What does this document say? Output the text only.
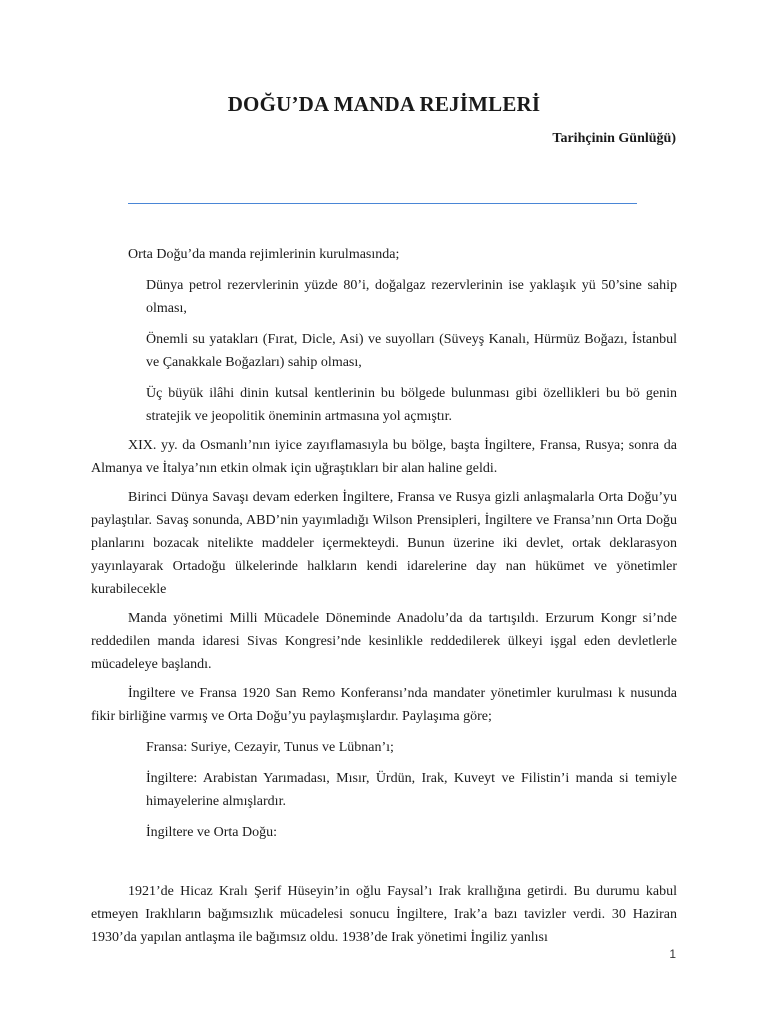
DOĞU’DA MANDA REJİMLERİ
Tarihçinin Günlüğü)

Orta Doğu’da manda rejimlerinin kurulmasında;

Dünya petrol rezervlerinin yüzde 80’i, doğalgaz rezervlerinin ise yaklaşık yü 50’sine sahip olması,

Önemli su yatakları (Fırat, Dicle, Asi) ve suyolları (Süveyş Kanalı, Hürmüz Boğazı, İstanbul ve Çanakkale Boğazları) sahip olması,

Üç büyük ilâhi dinin kutsal kentlerinin bu bölgede bulunması gibi özellikleri bu bö genin stratejik ve jeopolitik öneminin artmasına yol açmıştır.

XIX. yy. da Osmanlı’nın iyice zayıflamasıyla bu bölge, başta İngiltere, Fransa, Rusya; sonra da Almanya ve İtalya’nın etkin olmak için uğraştıkları bir alan haline geldi.

Birinci Dünya Savaşı devam ederken İngiltere, Fransa ve Rusya gizli anlaşmalarla Orta Doğu’yu paylaştılar. Savaş sonunda, ABD’nin yayımladığı Wilson Prensipleri, İngiltere ve Fransa’nın Orta Doğu planlarını bozacak nitelikte maddeler içermekteydi. Bunun üzerine iki devlet, ortak deklarasyon yayınlayarak Ortadoğu ülkelerinde halkların kendi idarelerine day nan hükümet ve yönetimler kurabilecekle

Manda yönetimi Milli Mücadele Döneminde Anadolu’da da tartışıldı. Erzurum Kongr si’nde reddedilen manda idaresi Sivas Kongresi’nde kesinlikle reddedilerek ülkeyi işgal eden devletlerle mücadeleye başlandı.

İngiltere ve Fransa 1920 San Remo Konferansı’nda mandater yönetimler kurulması k nusunda fikir birliğine varmış ve Orta Doğu’yu paylaşmışlardır. Paylaşıma göre;

Fransa: Suriye, Cezayir, Tunus ve Lübnan’ı;

İngiltere: Arabistan Yarımadası, Mısır, Ürdün, Irak, Kuveyt ve Filistin’i manda si temiyle himayelerine almışlardır.

İngiltere ve Orta Doğu:

1921’de Hicaz Kralı Şerif Hüseyin’in oğlu Faysal’ı Irak krallığına getirdi. Bu durumu kabul etmeyen Iraklıların bağımsızlık mücadelesi sonucu İngiltere, Irak’a bazı tavizler verdi. 30 Haziran 1930’da yapılan antlaşma ile bağımsız oldu. 1938’de Irak yönetimi İngiliz yanlısı

1
